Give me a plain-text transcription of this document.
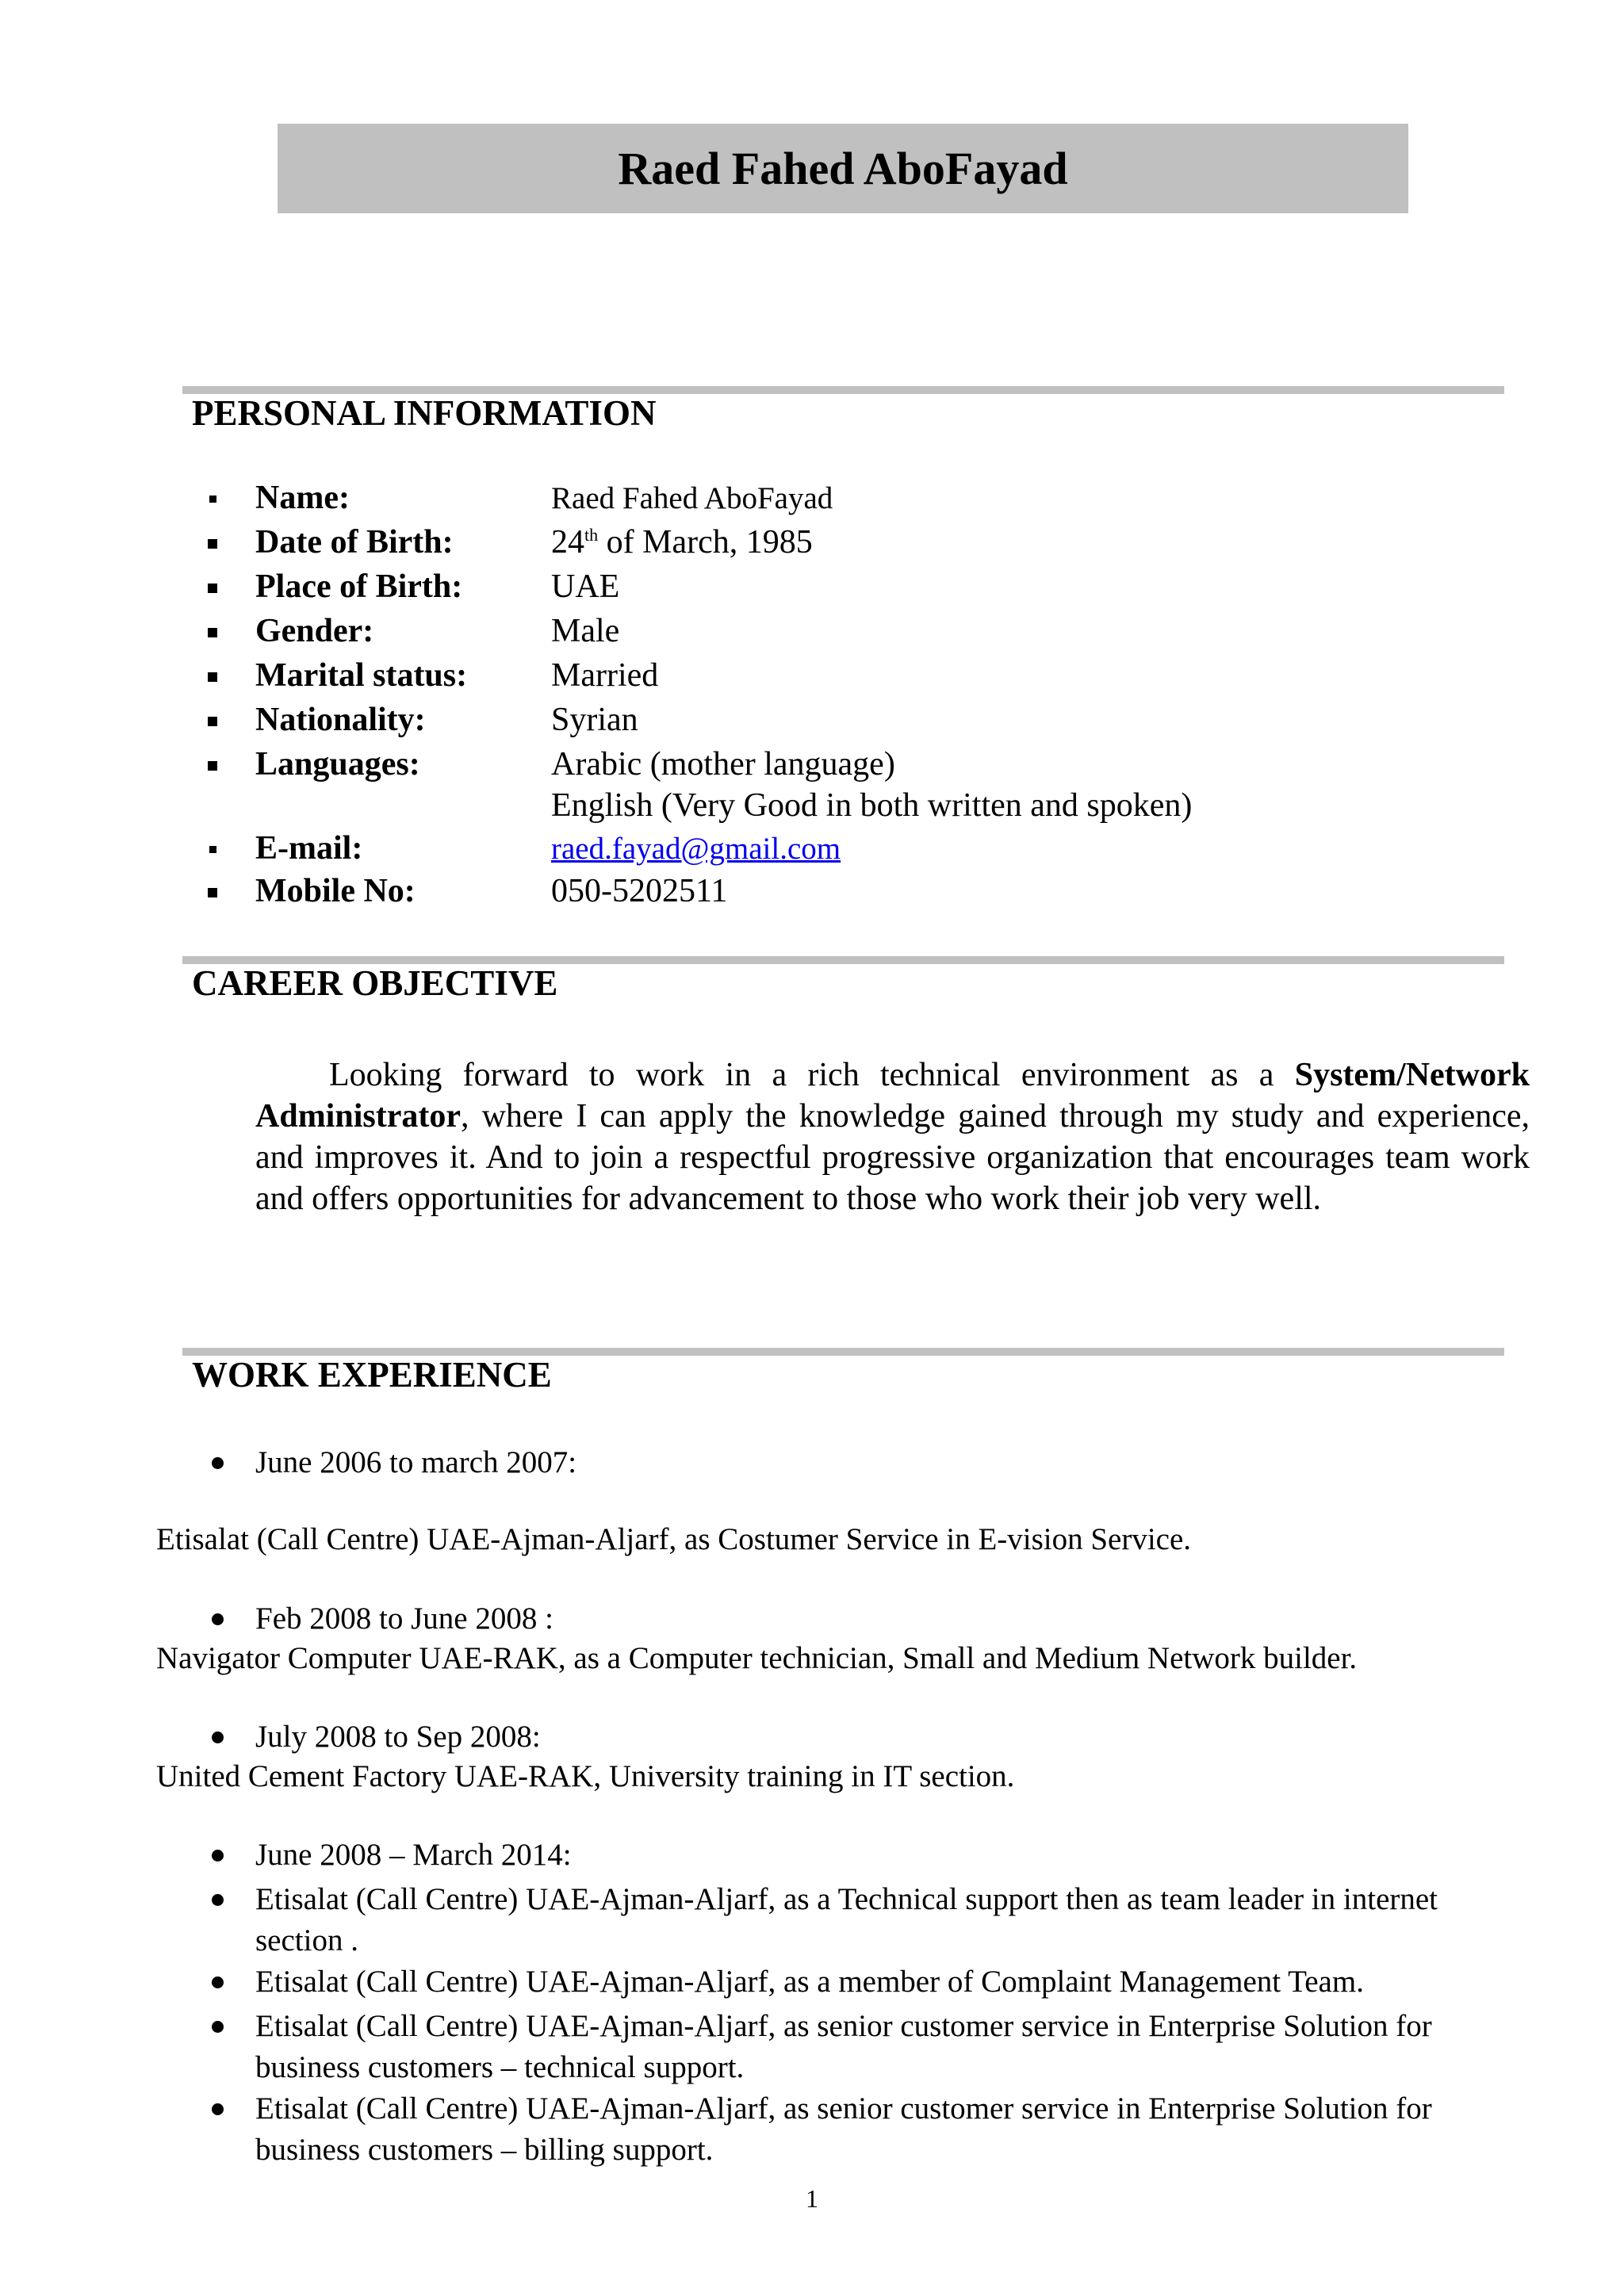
Raed Fahed AboFayad
PERSONAL INFORMATION
Name:	Raed Fahed AboFayad
Date of Birth:	24th of March, 1985
Place of Birth:	UAE
Gender:	Male
Marital status:	Married
Nationality:	Syrian
Languages:	Arabic (mother language)
English (Very Good in both written and spoken)
E-mail:	raed.fayad@gmail.com
Mobile No:	050-5202511
CAREER OBJECTIVE

Looking forward to work in a rich technical environment as a System/Network Administrator, where I can apply the knowledge gained through my study and experience, and improves it. And to join a respectful progressive organization that encourages team work and offers opportunities for advancement to those who work their job very well.

WORK EXPERIENCE
June 2006 to march 2007:
Etisalat (Call Centre) UAE-Ajman-Aljarf, as Costumer Service in E-vision Service.
Feb 2008 to June 2008 :
Navigator Computer UAE-RAK, as a Computer technician, Small and Medium Network builder.
July 2008 to Sep 2008:
United Cement Factory UAE-RAK, University training in IT section.
June 2008 – March 2014:
Etisalat (Call Centre) UAE-Ajman-Aljarf, as a Technical support then as team leader in internet section .
Etisalat (Call Centre) UAE-Ajman-Aljarf, as a member of Complaint Management Team.
Etisalat (Call Centre) UAE-Ajman-Aljarf, as senior customer service in Enterprise Solution for business customers – technical support.
Etisalat (Call Centre) UAE-Ajman-Aljarf, as senior customer service in Enterprise Solution for business customers – billing support.
1
